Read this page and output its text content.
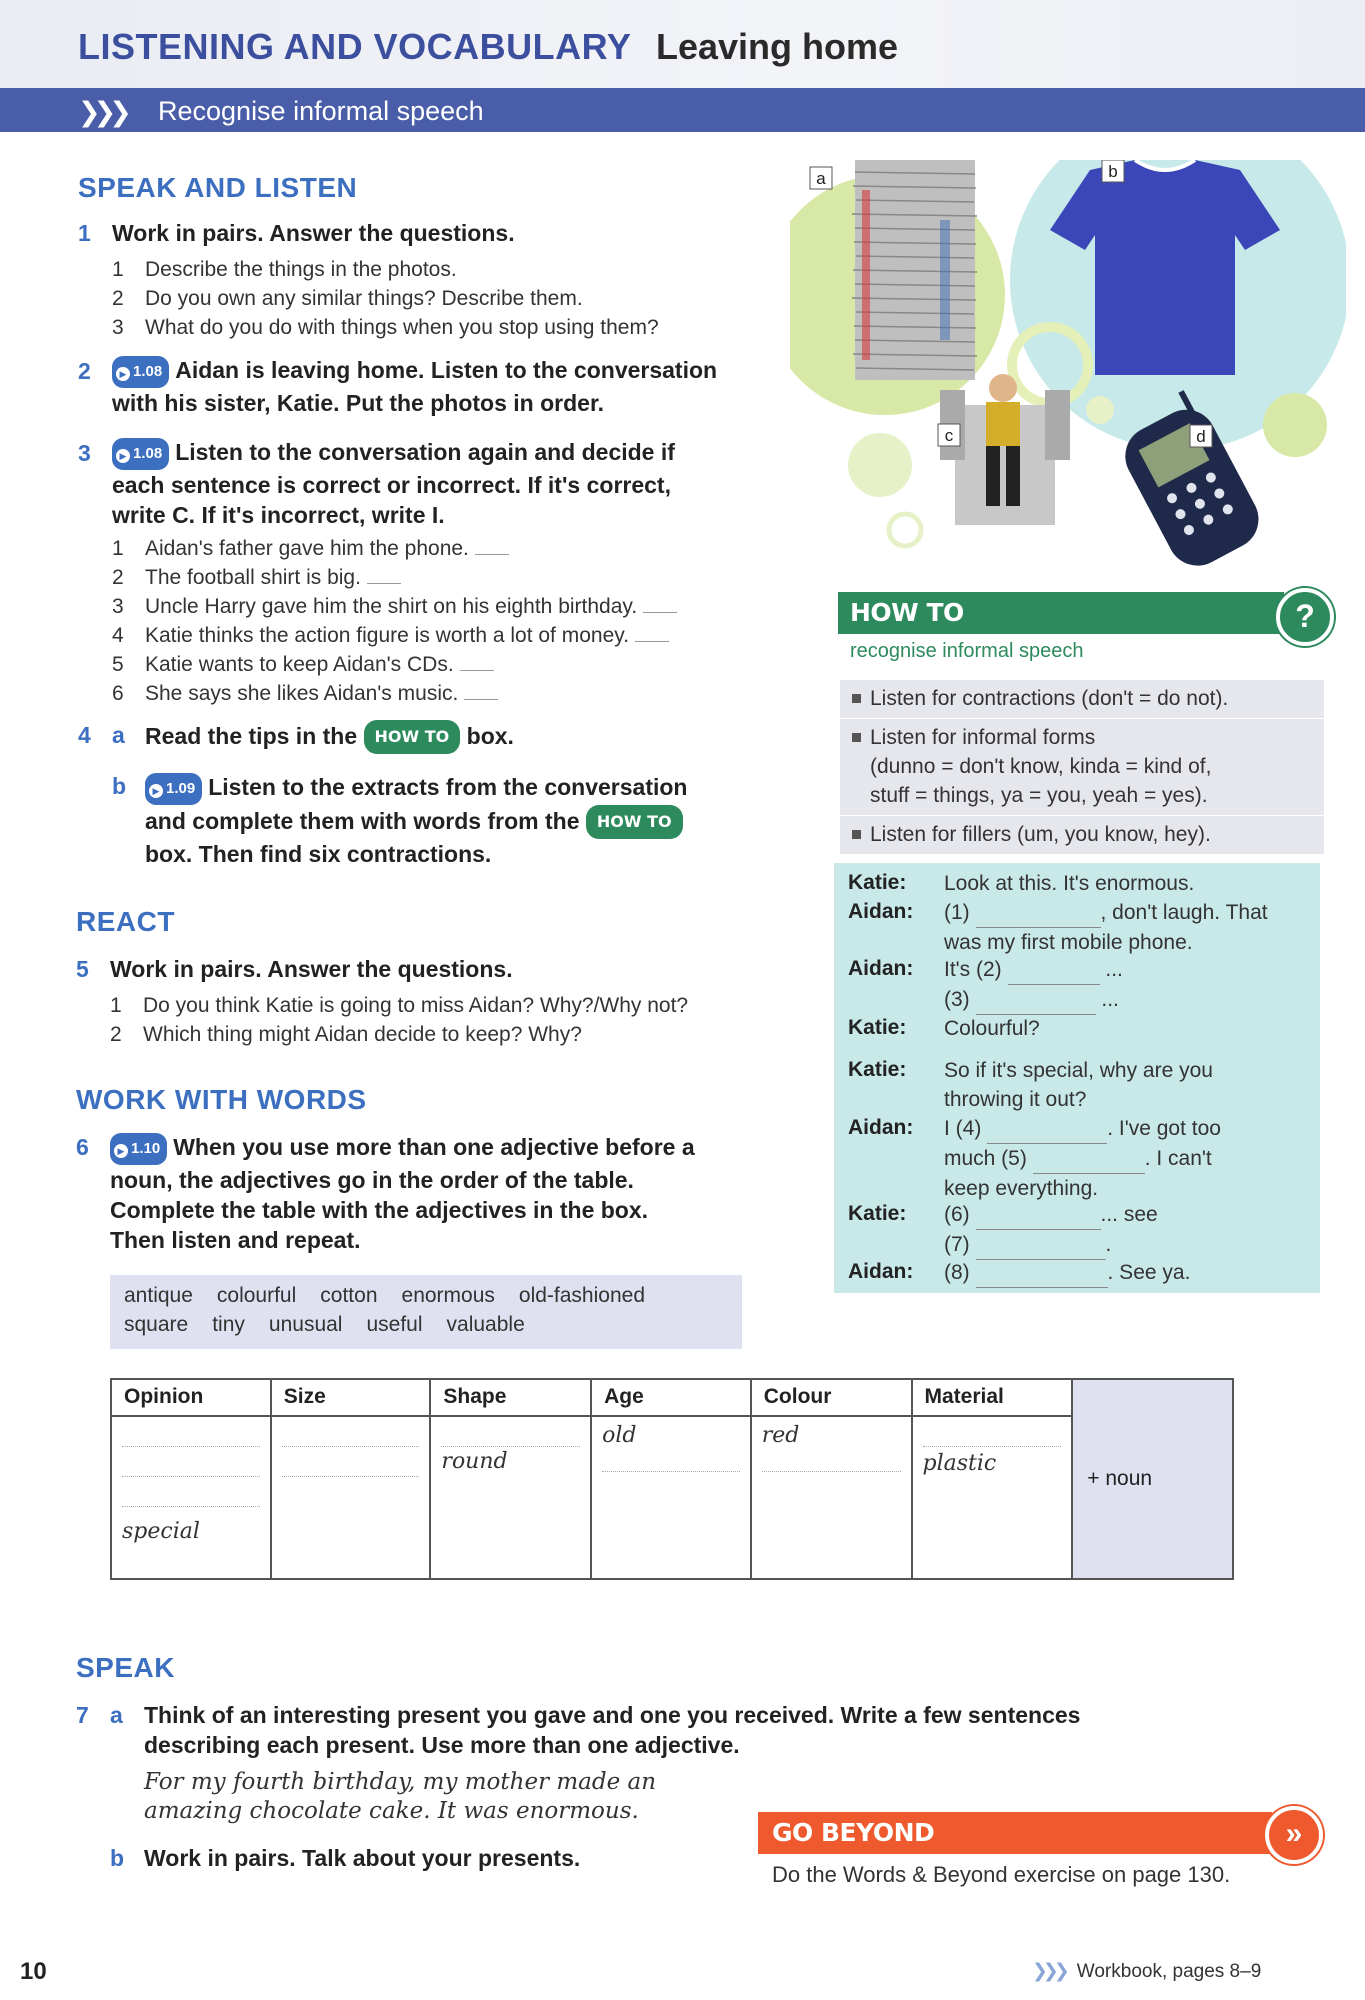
LISTENING AND VOCABULARY Leaving home
❯❯❯ Recognise informal speech
SPEAK AND LISTEN
1 Work in pairs. Answer the questions.
1 Describe the things in the photos.
2 Do you own any similar things? Describe them.
3 What do you do with things when you stop using them?
2	▶ 1.08 Aidan is leaving home. Listen to the conversation
with his sister, Katie. Put the photos in order.
3	▶ 1.08 Listen to the conversation again and decide if
each sentence is correct or incorrect. If it's correct,
write C. If it's incorrect, write I.
1 Aidan's father gave him the phone.
2 The football shirt is big.
3 Uncle Harry gave him the shirt on his eighth birthday.
4 Katie thinks the action figure is worth a lot of money.
5 Katie wants to keep Aidan's CDs.
6 She says she likes Aidan's music.
4 a Read the tips in the HOW TO box.
b	▶ 1.09 Listen to the extracts from the conversation
and complete them with words from the HOW TO
box. Then find six contractions.
REACT
5 Work in pairs. Answer the questions.
1 Do you think Katie is going to miss Aidan? Why?/Why not?
2 Which thing might Aidan decide to keep? Why?
WORK WITH WORDS
6	▶ 1.10 When you use more than one adjective before a
noun, the adjectives go in the order of the table.
Complete the table with the adjectives in the box.
Then listen and repeat.
antique colourful cotton enormous old-fashioned
square tiny unusual useful valuable
Opinion	Size	Shape	Age	Colour	Material	+ noun

special		round	old	red	plastic	
SPEAK
7 a Think of an interesting present you gave and one you received. Write a few sentences
describing each present. Use more than one adjective.
For my fourth birthday, my mother made an
amazing chocolate cake. It was enormous.
b Work in pairs. Talk about your presents.
a	b
c	d
HOW TO	?
recognise informal speech
Listen for contractions (don't = do not).
Listen for informal forms
(dunno = don't know, kinda = kind of,
stuff = things, ya = you, yeah = yes).
Listen for fillers (um, you know, hey).
Katie: Look at this. It's enormous.
Aidan: (1)	, don't laugh. That
was my first mobile phone.
Aidan: It's (2)	...
(3)	...
Katie: Colourful?
Katie: So if it's special, why are you
throwing it out?
Aidan: I (4)	. I've got too
much (5)	. I can't
keep everything.
Katie: (6)	... see
(7)	.
Aidan: (8)	. See ya.
GO BEYOND	»
Do the Words & Beyond exercise on page 130.
10	❯❯❯ Workbook, pages 8–9
